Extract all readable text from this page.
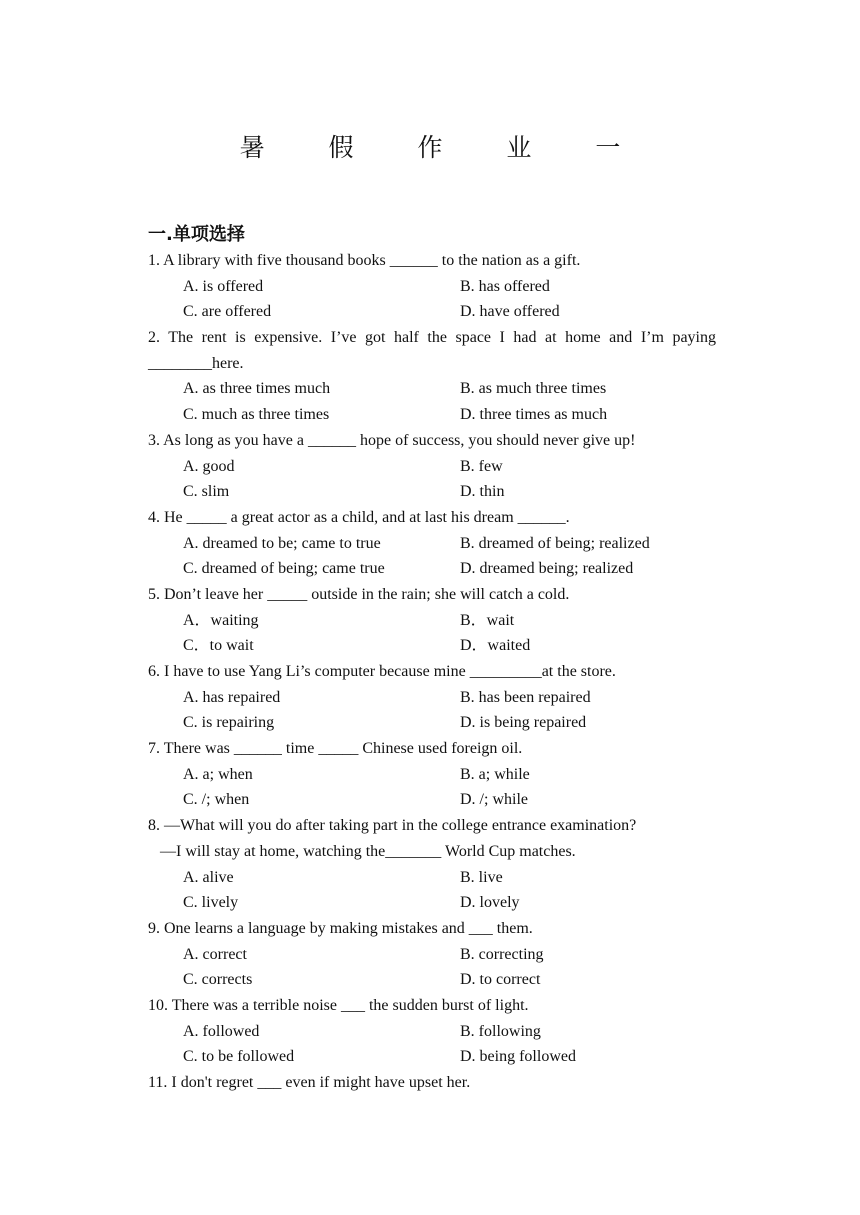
暑 假 作 业 一
一.单项选择
1. A library with five thousand books ______ to the nation as a gift.
A. is offered	B. has offered
C. are offered	D. have offered
2. The rent is expensive. I’ve got half the space I had at home and I’m paying ________here.
A. as three times much	B. as much three times
C. much as three times	D. three times as much
3. As long as you have a ______ hope of success, you should never give up!
A. good	B. few
C. slim	D. thin
4. He _____ a great actor as a child, and at last his dream ______.
A. dreamed to be; came to true	B. dreamed of being; realized
C. dreamed of being; came true	D. dreamed being; realized
5. Don’t leave her _____ outside in the rain; she will catch a cold.
A．waiting	B．wait
C．to wait	D．waited
6. I have to use Yang Li’s computer because mine _________at the store.
A. has repaired	B. has been repaired
C. is repairing	D. is being repaired
7. There was ______ time _____ Chinese used foreign oil.
A. a; when	B. a; while
C. /; when	D. /; while
8. —What will you do after taking part in the college entrance examination?
—I will stay at home, watching the_______ World Cup matches.
A. alive	B. live
C. lively	D. lovely
9. One learns a language by making mistakes and ___ them.
A. correct	B. correcting
C. corrects	D. to correct
10. There was a terrible noise ___ the sudden burst of light.
A. followed	B. following
C. to be followed	D. being followed
11. I don't regret ___ even if might have upset her.
